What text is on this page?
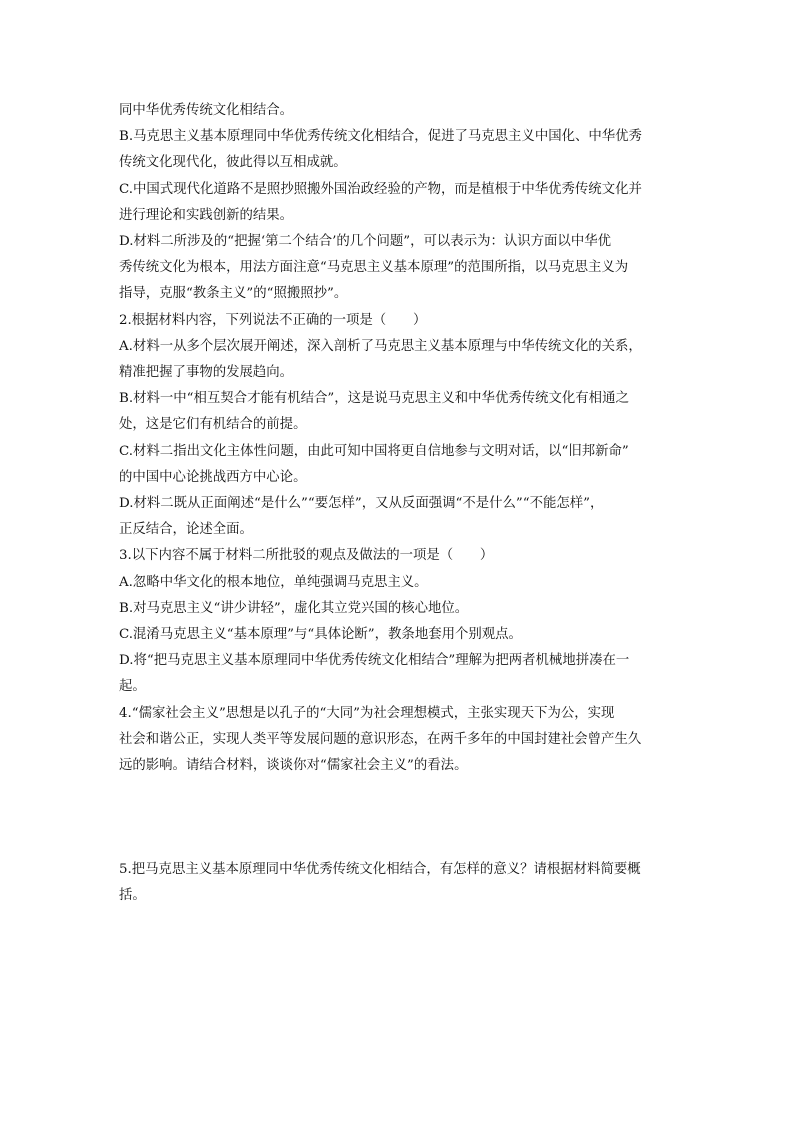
同中华优秀传统文化相结合。
B.马克思主义基本原理同中华优秀传统文化相结合，促进了马克思主义中国化、中华优秀
传统文化现代化，彼此得以互相成就。
C.中国式现代化道路不是照抄照搬外国治政经验的产物，而是植根于中华优秀传统文化并
进行理论和实践创新的结果。
D.材料二所涉及的“把握‘第二个结合’的几个问题”，可以表示为：认识方面以中华优
秀传统文化为根本，用法方面注意“马克思主义基本原理”的范围所指，以马克思主义为
指导，克服“教条主义”的“照搬照抄”。
2.根据材料内容，下列说法不正确的一项是（　　）
A.材料一从多个层次展开阐述，深入剖析了马克思主义基本原理与中华传统文化的关系，
精准把握了事物的发展趋向。
B.材料一中“相互契合才能有机结合”，这是说马克思主义和中华优秀传统文化有相通之
处，这是它们有机结合的前提。
C.材料二指出文化主体性问题，由此可知中国将更自信地参与文明对话，以“旧邦新命”
的中国中心论挑战西方中心论。
D.材料二既从正面阐述“是什么”“要怎样”，又从反面强调“不是什么”“不能怎样”，
正反结合，论述全面。
3.以下内容不属于材料二所批驳的观点及做法的一项是（　　）
A.忽略中华文化的根本地位，单纯强调马克思主义。
B.对马克思主义“讲少讲轻”，虚化其立党兴国的核心地位。
C.混淆马克思主义“基本原理”与“具体论断”，教条地套用个别观点。
D.将“把马克思主义基本原理同中华优秀传统文化相结合”理解为把两者机械地拼凑在一
起。
4.“儒家社会主义”思想是以孔子的“大同”为社会理想模式，主张实现天下为公，实现
社会和谐公正，实现人类平等发展问题的意识形态，在两千多年的中国封建社会曾产生久
远的影响。请结合材料，谈谈你对“儒家社会主义”的看法。
5.把马克思主义基本原理同中华优秀传统文化相结合，有怎样的意义？请根据材料简要概
括。
